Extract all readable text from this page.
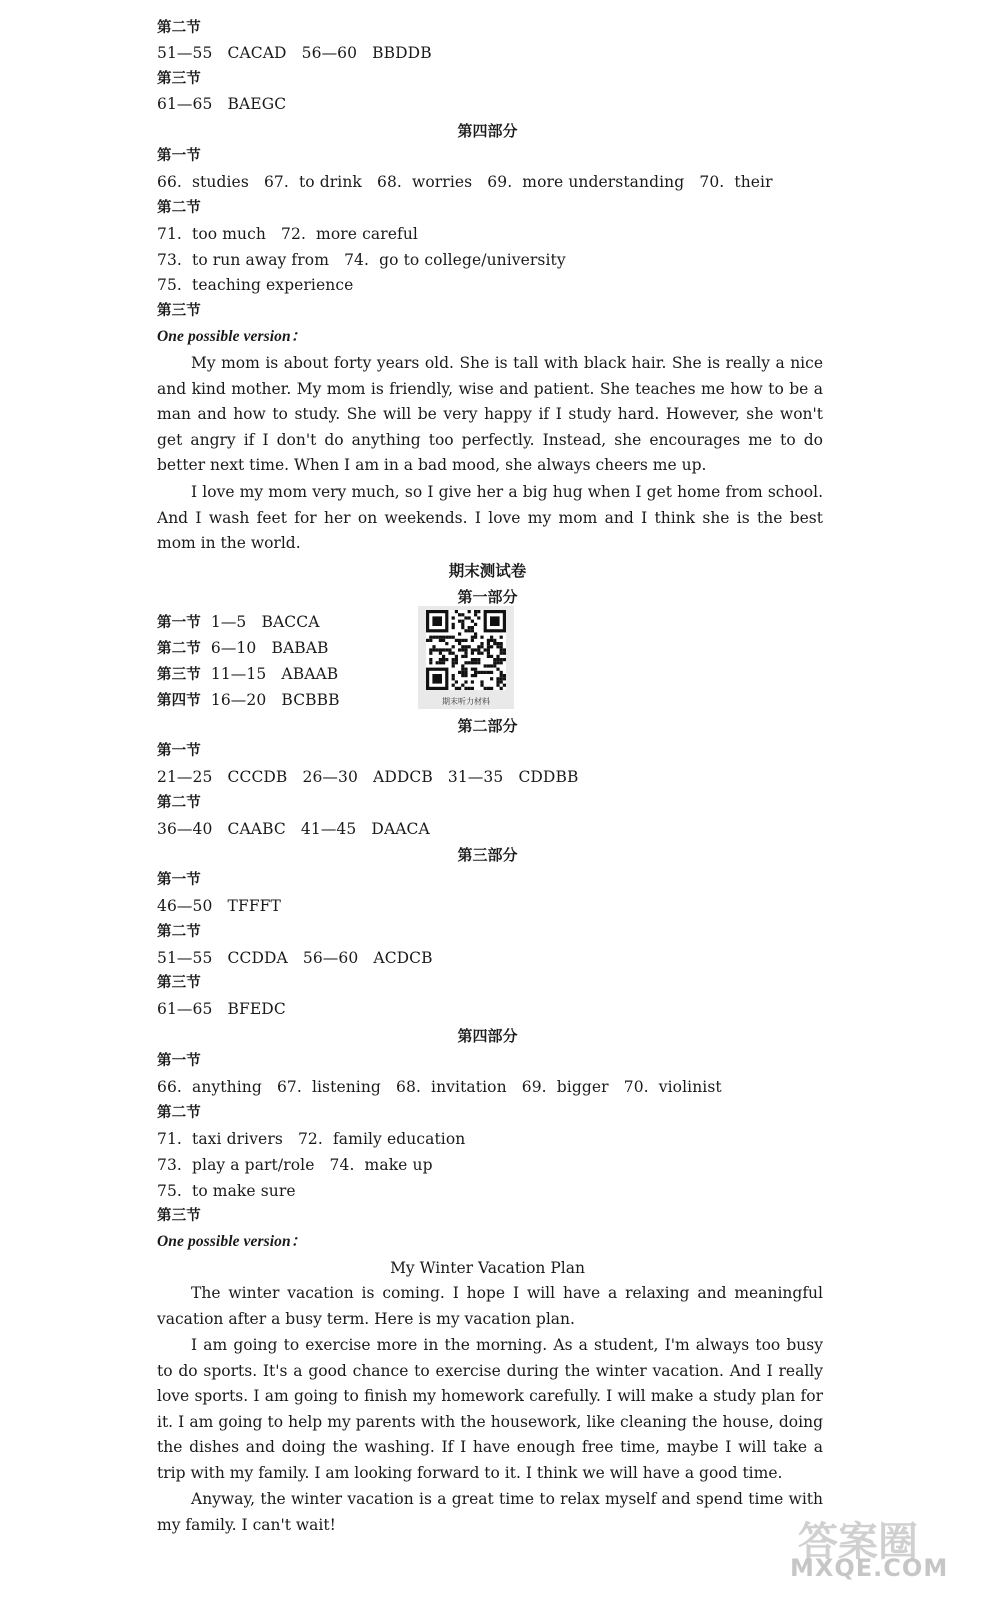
第二节
51—55   CACAD   56—60   BBDDB
第三节
61—65   BAEGC
第四部分
第一节
66.  studies   67.  to drink   68.  worries   69.  more understanding   70.  their
第二节
71.  too much   72.  more careful
73.  to run away from   74.  go to college/university
75.  teaching experience
第三节
One possible version：

My mom is about forty years old. She is tall with black hair. She is really a nice and kind mother. My mom is friendly, wise and patient. She teaches me how to be a man and how to study. She will be very happy if I study hard. However, she won't get angry if I don't do anything too perfectly. Instead, she encourages me to do better next time. When I am in a bad mood, she always cheers me up.

I love my mom very much, so I give her a big hug when I get home from school. And I wash feet for her on weekends. I love my mom and I think she is the best mom in the world.

期末测试卷
第一部分
第一节 1—5 BACCA
第二节 6—10 BABAB
第三节 11—15 ABAAB
第四节 16—20 BCBBB	期末听力材料
第二部分
第一节
21—25   CCCDB   26—30   ADDCB   31—35   CDDBB
第二节
36—40   CAABC   41—45   DAACA
第三部分
第一节
46—50   TFFFT
第二节
51—55   CCDDA   56—60   ACDCB
第三节
61—65   BFEDC
第四部分
第一节
66.  anything   67.  listening   68.  invitation   69.  bigger   70.  violinist
第二节
71.  taxi drivers   72.  family education
73.  play a part/role   74.  make up
75.  to make sure
第三节
One possible version：
My Winter Vacation Plan

The winter vacation is coming. I hope I will have a relaxing and meaningful vacation after a busy term. Here is my vacation plan.

I am going to exercise more in the morning. As a student, I'm always too busy to do sports. It's a good chance to exercise during the winter vacation. And I really love sports. I am going to finish my homework carefully. I will make a study plan for it. I am going to help my parents with the housework, like cleaning the house, doing the dishes and doing the washing. If I have enough free time, maybe I will take a trip with my family. I am looking forward to it. I think we will have a good time.

Anyway, the winter vacation is a great time to relax myself and spend time with my family. I can't wait!	答案圈
MXQE.COM
